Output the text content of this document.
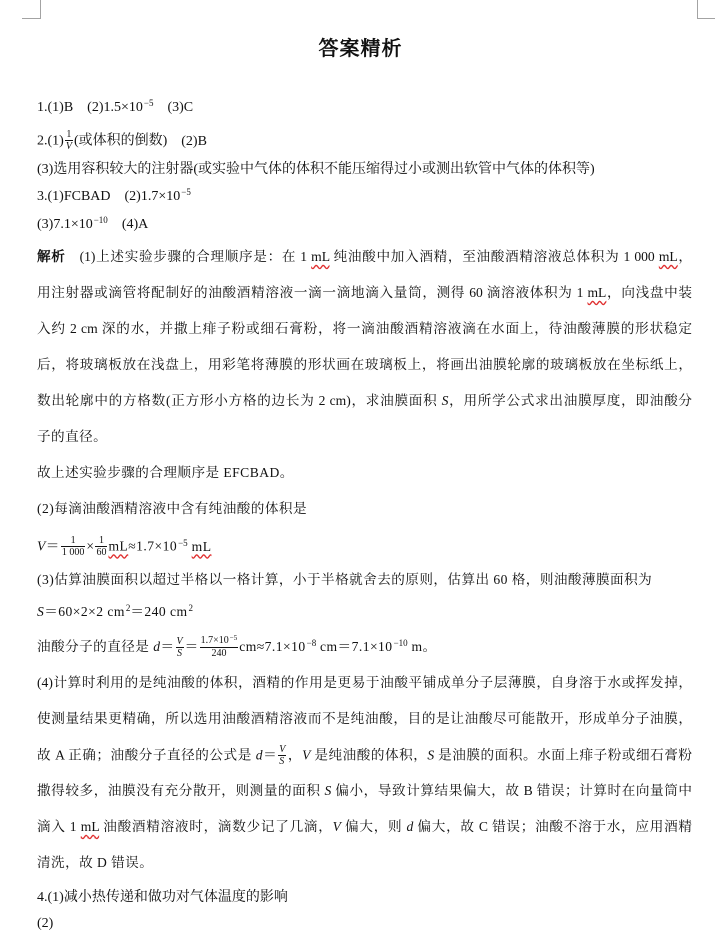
答案精析
1.(1)B $(2)1.5\times 10^{-5}$ (3)C
$2.(1) \frac{1}{V}$ (或体积的倒数) (2)B
(3)选用容积较大的注射器(或实验中气体的体积不能压缩得过小或测出软管中气体的体积等)
3.(1)FCBAD $(2)1.7\times 10^{-5}$
$(3)7.1\times 10^{-10}$ (4)A
解析 (1)上述实验步骤的合理顺序是：在 1 mL 纯油酸中加入酒精，至油酸酒精溶液总体积为 1 000 mL，
用注射器或滴管将配制好的油酸酒精溶液一滴一滴地滴入量筒，测得 60 滴溶液体积为 1 mL，向浅盘中装
入约 2 cm 深的水，并撒上痱子粉或细石膏粉，将一滴油酸酒精溶液滴在水面上，待油酸薄膜的形状稳定
后，将玻璃板放在浅盘上，用彩笔将薄膜的形状画在玻璃板上，将画出油膜轮廓的玻璃板放在坐标纸上，
数出轮廓中的方格数(正方形小方格的边长为 2 cm)，求油膜面积 S，用所学公式求出油膜厚度，即油酸分
子的直径。
故上述实验步骤的合理顺序是 EFCBAD。
(2)每滴油酸酒精溶液中含有纯油酸的体积是
$V= \frac{1}{1 000} \times \frac{1}{60} mL\approx 1.7\times 10^{-5}$ mL
(3)估算油膜面积以超过半格以一格计算，小于半格就舍去的原则，估算出 60 格，则油酸薄膜面积为
S＝60×2×2 $cm^2=240$ $cm^2$
油酸分子的直径是 $d= \frac{V}{S} = \frac{1.7\times 10^{-5}}{240} cm\approx 7.1\times 10^{-8}$ $cm=7.1\times 10^{-10}$ m。
(4)计算时利用的是纯油酸的体积，酒精的作用是更易于油酸平铺成单分子层薄膜，自身溶于水或挥发掉，
使测量结果更精确，所以选用油酸酒精溶液而不是纯油酸，目的是让油酸尽可能散开，形成单分子油膜，
故 A 正确；油酸分子直径的公式是 $d= \frac{V}{S}$ ，V 是纯油酸的体积，S 是油膜的面积。水面上痱子粉或细石膏粉
撒得较多，油膜没有充分散开，则测量的面积 S 偏小，导致计算结果偏大，故 B 错误；计算时在向量筒中
滴入 1 mL 油酸酒精溶液时，滴数少记了几滴，V 偏大，则 d 偏大，故 C 错误；油酸不溶于水，应用酒精
清洗，故 D 错误。
4.(1)减小热传递和做功对气体温度的影响
(2)
